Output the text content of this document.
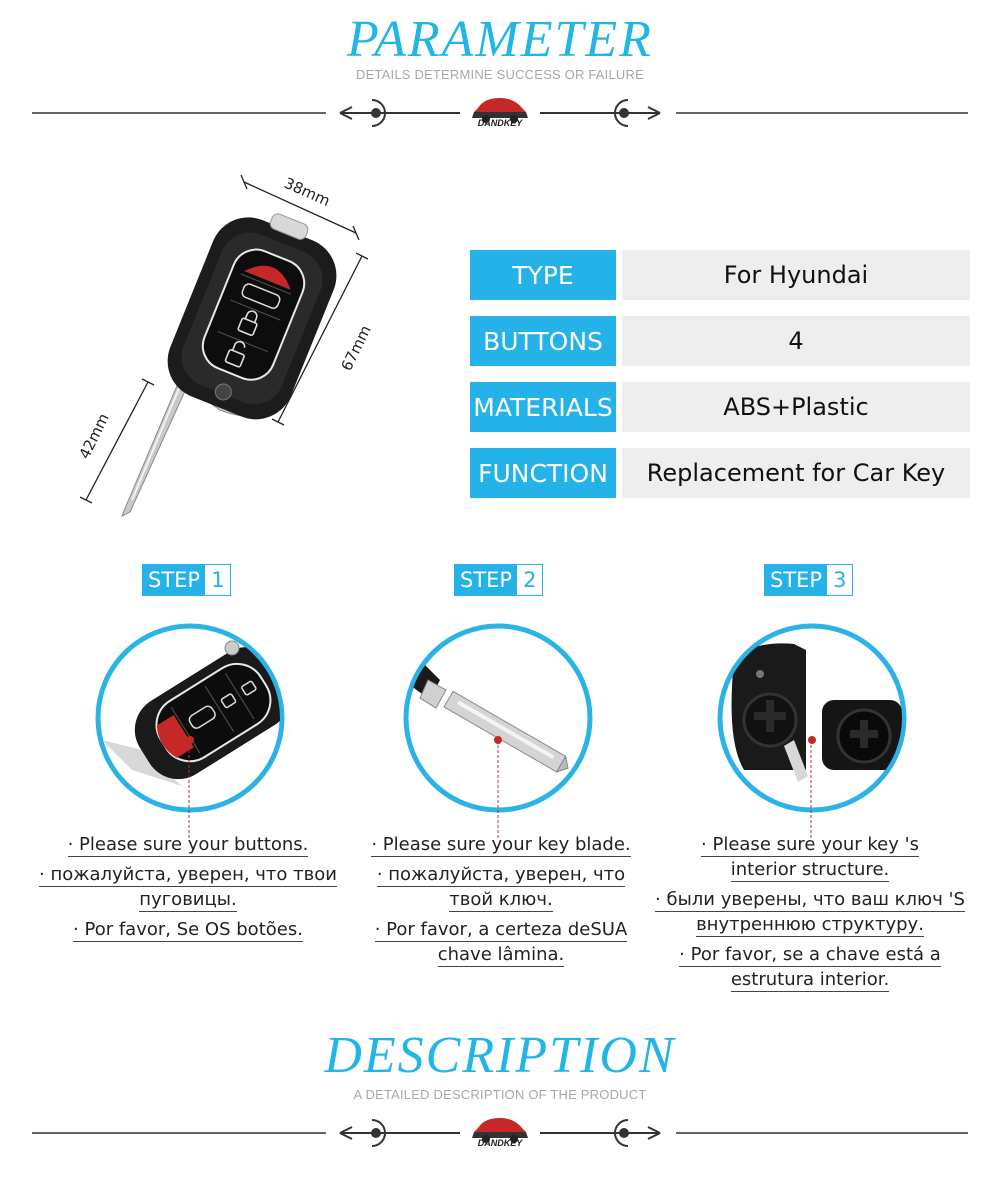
PARAMETER
DETAILS DETERMINE SUCCESS OR FAILURE
DANDKEY
38mm
67mm
42mm
TYPE	For Hyundai
BUTTONS	4
MATERIALS	ABS+Plastic
FUNCTION	Replacement for Car Key
STEP 1	STEP 2	STEP 3
· Please sure your buttons.
· пожалуйста, уверен, что твои
пуговицы.
· Por favor, Se OS botões.
· Please sure your key blade.
· пожалуйста, уверен, что
твой ключ.
· Por favor, a certeza deSUA
chave lâmina.
· Please sure your key 's
interior structure.
· были уверены, что ваш ключ 'S
внутреннюю структуру.
· Por favor, se a chave está a
estrutura interior.
DESCRIPTION
A DETAILED DESCRIPTION OF THE PRODUCT
DANDKEY
